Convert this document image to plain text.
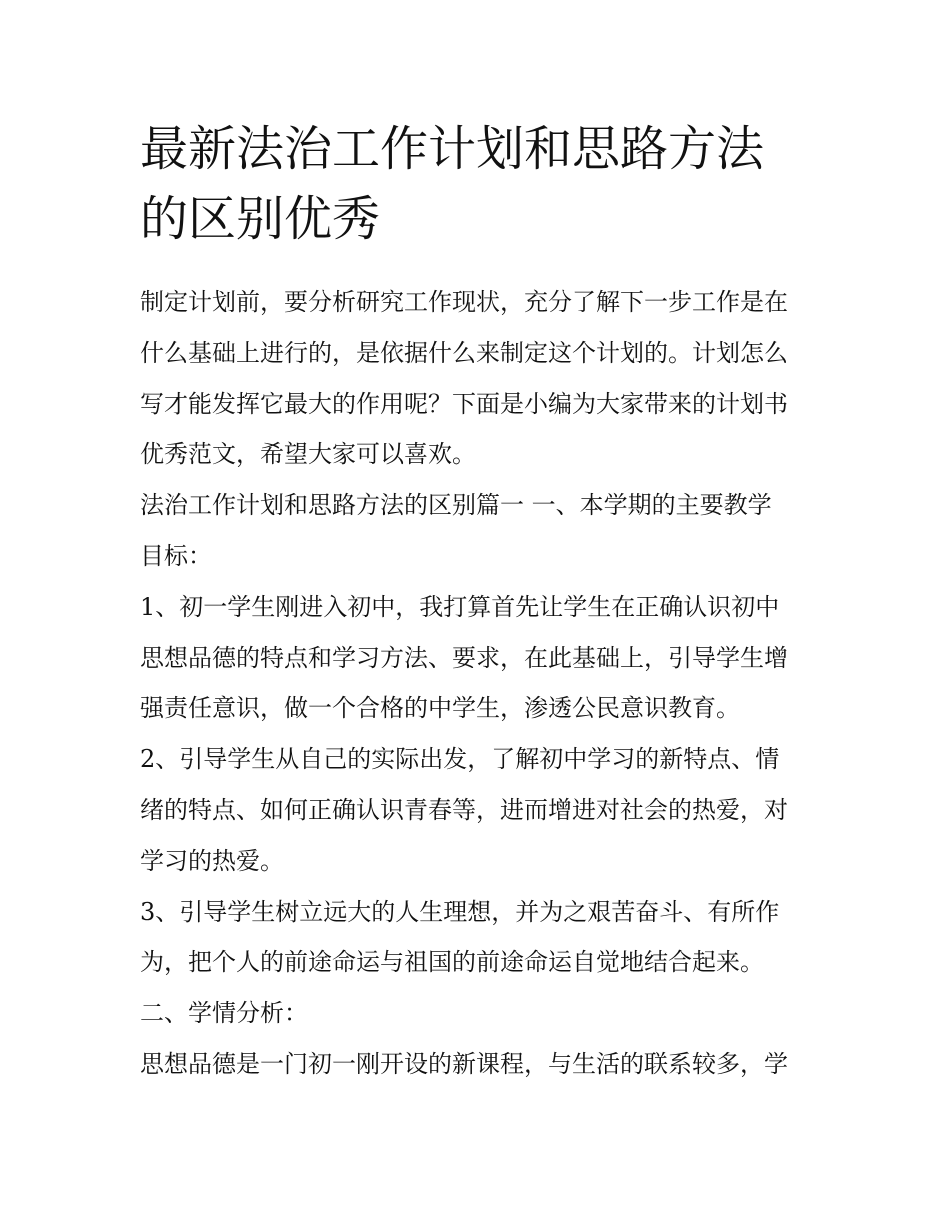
最新法治工作计划和思路方法
的区别优秀

制定计划前，要分析研究工作现状，充分了解下一步工作是在

什么基础上进行的，是依据什么来制定这个计划的。计划怎么

写才能发挥它最大的作用呢？下面是小编为大家带来的计划书

优秀范文，希望大家可以喜欢。

法治工作计划和思路方法的区别篇一 一、本学期的主要教学

目标：

1、初一学生刚进入初中，我打算首先让学生在正确认识初中

思想品德的特点和学习方法、要求，在此基础上，引导学生增

强责任意识，做一个合格的中学生，渗透公民意识教育。

2、引导学生从自己的实际出发，了解初中学习的新特点、情

绪的特点、如何正确认识青春等，进而增进对社会的热爱，对

学习的热爱。

3、引导学生树立远大的人生理想，并为之艰苦奋斗、有所作

为，把个人的前途命运与祖国的前途命运自觉地结合起来。

二、学情分析：

思想品德是一门初一刚开设的新课程，与生活的联系较多，学
